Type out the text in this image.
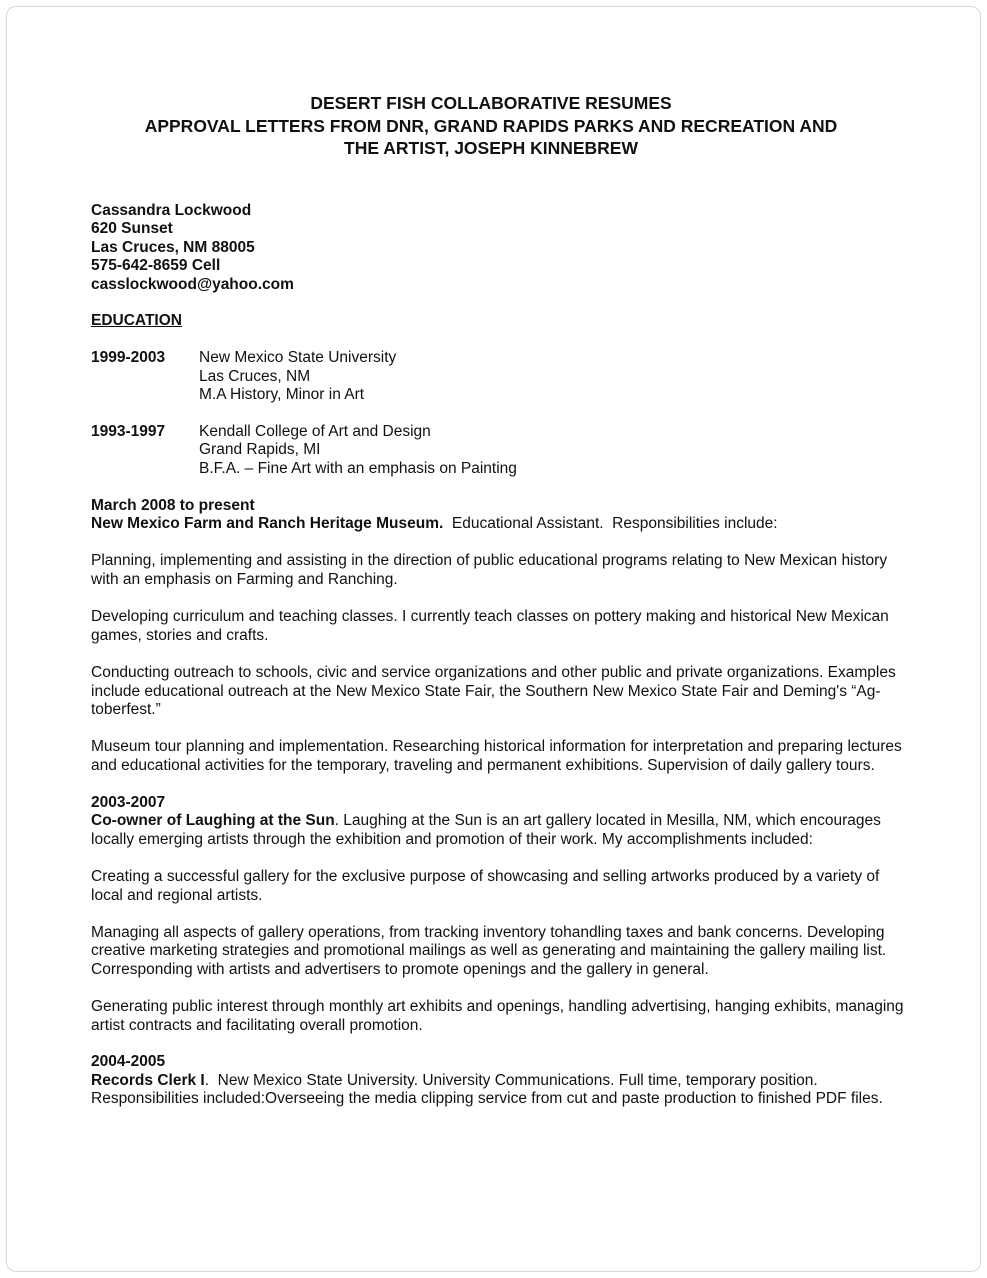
DESERT FISH COLLABORATIVE RESUMES
APPROVAL LETTERS FROM DNR, GRAND RAPIDS PARKS AND RECREATION AND
THE ARTIST, JOSEPH KINNEBREW
Cassandra Lockwood
620 Sunset
Las Cruces, NM 88005
575-642-8659 Cell
casslockwood@yahoo.com
EDUCATION
1999-2003	New Mexico State University
Las Cruces, NM
M.A History, Minor in Art
1993-1997	Kendall College of Art and Design
Grand Rapids, MI
B.F.A. – Fine Art with an emphasis on Painting
March 2008 to present
New Mexico Farm and Ranch Heritage Museum.  Educational Assistant.  Responsibilities include:
Planning, implementing and assisting in the direction of public educational programs relating to New Mexican history with an emphasis on Farming and Ranching.
Developing curriculum and teaching classes. I currently teach classes on pottery making and historical New Mexican games, stories and crafts.
Conducting outreach to schools, civic and service organizations and other public and private organizations. Examples include educational outreach at the New Mexico State Fair, the Southern New Mexico State Fair and Deming's “Ag-toberfest.”
Museum tour planning and implementation. Researching historical information for interpretation and preparing lectures and educational activities for the temporary, traveling and permanent exhibitions. Supervision of daily gallery tours.
2003-2007
Co-owner of Laughing at the Sun. Laughing at the Sun is an art gallery located in Mesilla, NM, which encourages locally emerging artists through the exhibition and promotion of their work. My accomplishments included:
Creating a successful gallery for the exclusive purpose of showcasing and selling artworks produced by a variety of local and regional artists.
Managing all aspects of gallery operations, from tracking inventory tohandling taxes and bank concerns. Developing creative marketing strategies and promotional mailings as well as generating and maintaining the gallery mailing list. Corresponding with artists and advertisers to promote openings and the gallery in general.
Generating public interest through monthly art exhibits and openings, handling advertising, hanging exhibits, managing artist contracts and facilitating overall promotion.
2004-2005
Records Clerk I.  New Mexico State University. University Communications. Full time, temporary position. Responsibilities included:Overseeing the media clipping service from cut and paste production to finished PDF files.
